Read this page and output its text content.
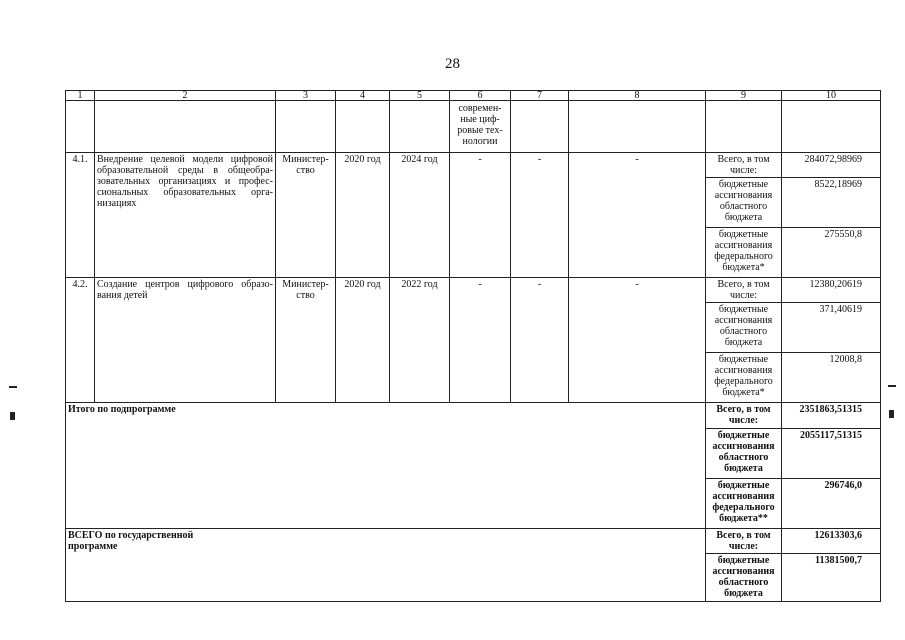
28
1	2	3	4	5	6	7	8	9	10
					современ-ные циф-ровые тех-нологии				
4.1.	Внедрение целевой модели цифровой образовательной среды в общеобра-зовательных организациях и профес-сиональных образовательных орга-низациях	Министер-ство	2020 год	2024 год	-	-	-	Всего, в том числе:	284072,98969
								бюджетные ассигнования областного бюджета	8522,18969
								бюджетные ассигнования федерального бюджета*	275550,8
4.2.	Создание центров цифрового образо-вания детей	Министер-ство	2020 год	2022 год	-	-	-	Всего, в том числе:	12380,20619
								бюджетные ассигнования областного бюджета	371,40619
								бюджетные ассигнования федерального бюджета*	12008,8
Итого по подпрограмме								Всего, в том числе:	2351863,51315
								бюджетные ассигнования областного бюджета	2055117,51315
								бюджетные ассигнования федерального бюджета**	296746,0

ВСЕГО по государственной программе								Всего, в том числе:	12613303,6
								бюджетные ассигнования областного бюджета	11381500,7
